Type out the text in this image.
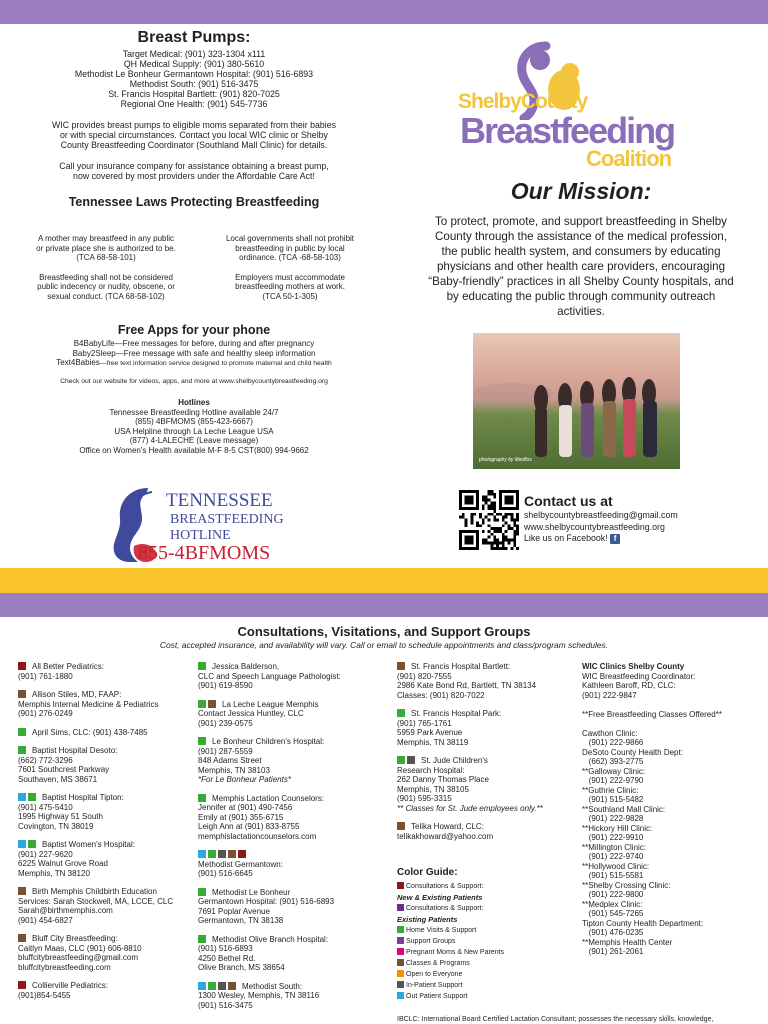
Breast Pumps:
Target Medical: (901) 323-1304 x111
QH Medical Supply: (901) 380-5610
Methodist Le Bonheur Germantown Hospital: (901) 516-6893
Methodist South: (901) 516-3475
St. Francis Hospital Bartlett: (901) 820-7025
Regional One Health: (901) 545-7736
WIC provides breast pumps to eligible moms separated from their babies
or with special circumstances. Contact you local WIC clinic or Shelby
County Breastfeeding Coordinator (Southland Mall Clinic) for details.
Call your insurance company for assistance obtaining a breast pump,
now covered by most providers under the Affordable Care Act!
Tennessee Laws Protecting Breastfeeding
A mother may breastfeed in any public
or private place she is authorized to be.
(TCA 68-58-101)
Local governments shall not prohibit
breastfeeding in public by local
ordinance. (TCA -68-58-103)
Breastfeeding shall not be considered
public indecency or nudity, obscene, or
sexual conduct. (TCA 68-58-102)
Employers must accommodate
breastfeeding mothers at work.
(TCA 50-1-305)
Free Apps for your phone
B4BabyLife—Free messages for before, during and after pregnancy
Baby2Sleep—Free message with safe and healthy sleep information
Text4Babies—free text information service designed to promote maternal and child health
Check out our website for videos, apps, and more at www.shelbycountybreastfeeding.org
Hotlines
Tennessee Breastfeeding Hotline available 24/7
(855) 4BFMOMS (855-423-6667)
USA Helpline through La Leche League USA
(877) 4-LALECHE (Leave message)
Office on Women's Health available M-F 8-5 CST(800) 994-9662
TENNESSEE
BREASTFEEDING
HOTLINE
855-4BFMOMS
ShelbyCounty
Breastfeeding
Coalition
Our Mission:
To protect, promote, and support breastfeeding in Shelby
County through the assistance of the medical profession,
the public health system, and consumers by educating
physicians and other health care providers, encouraging
“Baby-friendly” practices in all Shelby County hospitals, and
by educating the public through community outreach
activities.
photography by lifeoflos
Contact us at
shelbycountybreastfeeding@gmail.com
www.shelbycountybreastfeeding.org
Like us on Facebook! f
Consultations, Visitations, and Support Groups
Cost, accepted insurance, and availability will vary. Call or email to schedule appointments and class/program schedules.
All Better Pediatrics:
(901) 761-1880
Allison Stiles, MD, FAAP:
Memphis Internal Medicine & Pediatrics
(901) 276-0249
April Sims, CLC: (901) 438-7485
Baptist Hospital Desoto:
(662) 772-3296
7601 Southcrest Parkway
Southaven, MS 38671
Baptist Hospital Tipton:
(901) 475-5410
1995 Highway 51 South
Covington, TN 38019
Baptist Women's Hospital:
(901) 227-9620
6225 Walnut Grove Road
Memphis, TN 38120
Birth Memphis Childbirth Education
Services: Sarah Stockwell, MA, LCCE, CLC
Sarah@birthmemphis.com
(901) 454-6827
Bluff City Breastfeeding:
Caitlyn Maas, CLC (901) 606-8810
bluffcitybreastfeeding@gmail.com
bluffcitybreastfeeding.com
Collierville Pediatrics:
(901)854-5455
Jessica Balderson,
CLC and Speech Language Pathologist:
(901) 619-8590
La Leche League Memphis
Contact Jessica Huntley, CLC
(901) 239-0575
Le Bonheur Children's Hospital:
(901) 287-5559
848 Adams Street
Memphis, TN 38103
*For Le Bonheur Patients*
Memphis Lactation Counselors:
Jennifer at (901) 490-7456
Emily at (901) 355-6715
Leigh Ann at (901) 833-8755
memphislactationcounselors.com
Methodist Germantown:
(901) 516-6645
Methodist Le Bonheur
Germantown Hospital: (901) 516-6893
7691 Poplar Avenue
Germantown, TN 38138
Methodist Olive Branch Hospital:
(901) 516-6893
4250 Bethel Rd.
Olive Branch, MS 38654
Methodist South:
1300 Wesley, Memphis, TN 38116
(901) 516-3475
St. Francis Hospital Bartlett:
(901) 820-7555
2986 Kate Bond Rd, Bartlett, TN 38134
Classes: (901) 820-7022
St. Francis Hospital Park:
(901) 765-1761
5959 Park Avenue
Memphis, TN 38119
St. Jude Children's
Research Hospital:
262 Danny Thomas Place
Memphis, TN 38105
(901) 595-3315
** Classes for St. Jude employees only.**
Telika Howard, CLC:
telikakhoward@yahoo.com
Color Guide:
Consultations & Support:
New & Existing Patients
Consultations & Support:
Existing Patients
Home Visits & Support
Support Groups
Pregnant Moms & New Parents
Classes & Programs
Open to Everyone
In-Patient Support
Out Patient Support
WIC Clinics Shelby County
WIC Breastfeeding Coordinator:
Kathleen Baroff, RD, CLC:
(901) 222-9847
**Free Breastfeeding Classes Offered**
Cawthon Clinic:
(901) 222-9866
DeSoto County Health Dept:
(662) 393-2775
**Galloway Clinic:
(901) 222-9790
**Guthrie Clinic:
(901) 515-5482
**Southland Mall Clinic:
(901) 222-9828
**Hickory Hill Clinic:
(901) 222-9910
**Millington Clinic:
(901) 222-9740
**Hollywood Clinic:
(901) 515-5581
**Shelby Crossing Clinic:
(901) 222-9800
**Medplex Clinic:
(901) 545-7265
Tipton County Health Department:
(901) 476-0235
**Memphis Health Center
(901) 261-2061
IBCLC: International Board Certified Lactation Consultant; possesses the necessary skills, knowledge,
